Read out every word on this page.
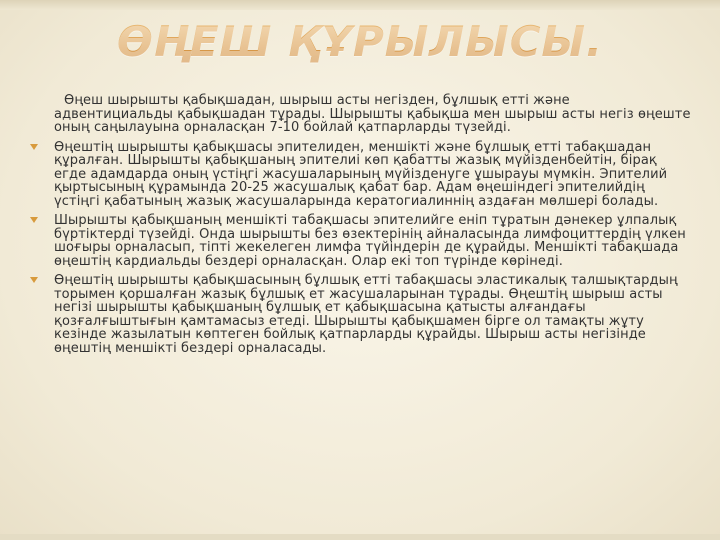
ӨҢЕШ ҚҰРЫЛЫСЫ.

Өңеш шырышты қабықшадан, шырыш асты негізден, бұлшық етті және адвентициальды қабықшадан тұрады. Шырышты қабықша мен шырыш асты негіз өңеште оның саңылауына орналасқан 7-10 бойлай қатпарларды түзейді.

Өңештің шырышты қабықшасы эпителиден, меншікті және бұлшық етті табақшадан құралған. Шырышты қабықшаның эпителиі көп қабатты жазық мүйізденбейтін, бірақ егде адамдарда оның үстіңгі жасушаларының мүйізденуге ұшырауы мүмкін. Эпителий қыртысының құрамында 20-25 жасушалық қабат бар. Адам өңешіндегі эпителийдің үстіңгі қабатының жазық жасушаларында кератогиалиннің аздаған мөлшері болады.

Шырышты қабықшаның меншікті табақшасы эпителийге еніп тұратын дәнекер ұлпалық бүртіктерді түзейді. Онда шырышты без өзектерінің айналасында лимфоциттердің үлкен шоғыры орналасып, тіпті жекелеген лимфа түйіндерін де құрайды. Меншікті табақшада өңештің кардиальды бездері орналасқан. Олар екі топ түрінде көрінеді.

Өңештің шырышты қабықшасының бұлшық етті табақшасы эластикалық талшықтардың торымен қоршалған жазық бұлшық ет жасушаларынан тұрады. Өңештің шырыш асты негізі шырышты қабықшаның бұлшық ет қабықшасына қатысты алғандағы қозғалғыштығын қамтамасыз етеді. Шырышты қабықшамен бірге ол тамақты жұту кезінде жазылатын көптеген бойлық қатпарларды құрайды. Шырыш асты негізінде өңештің меншікті бездері орналасады.
